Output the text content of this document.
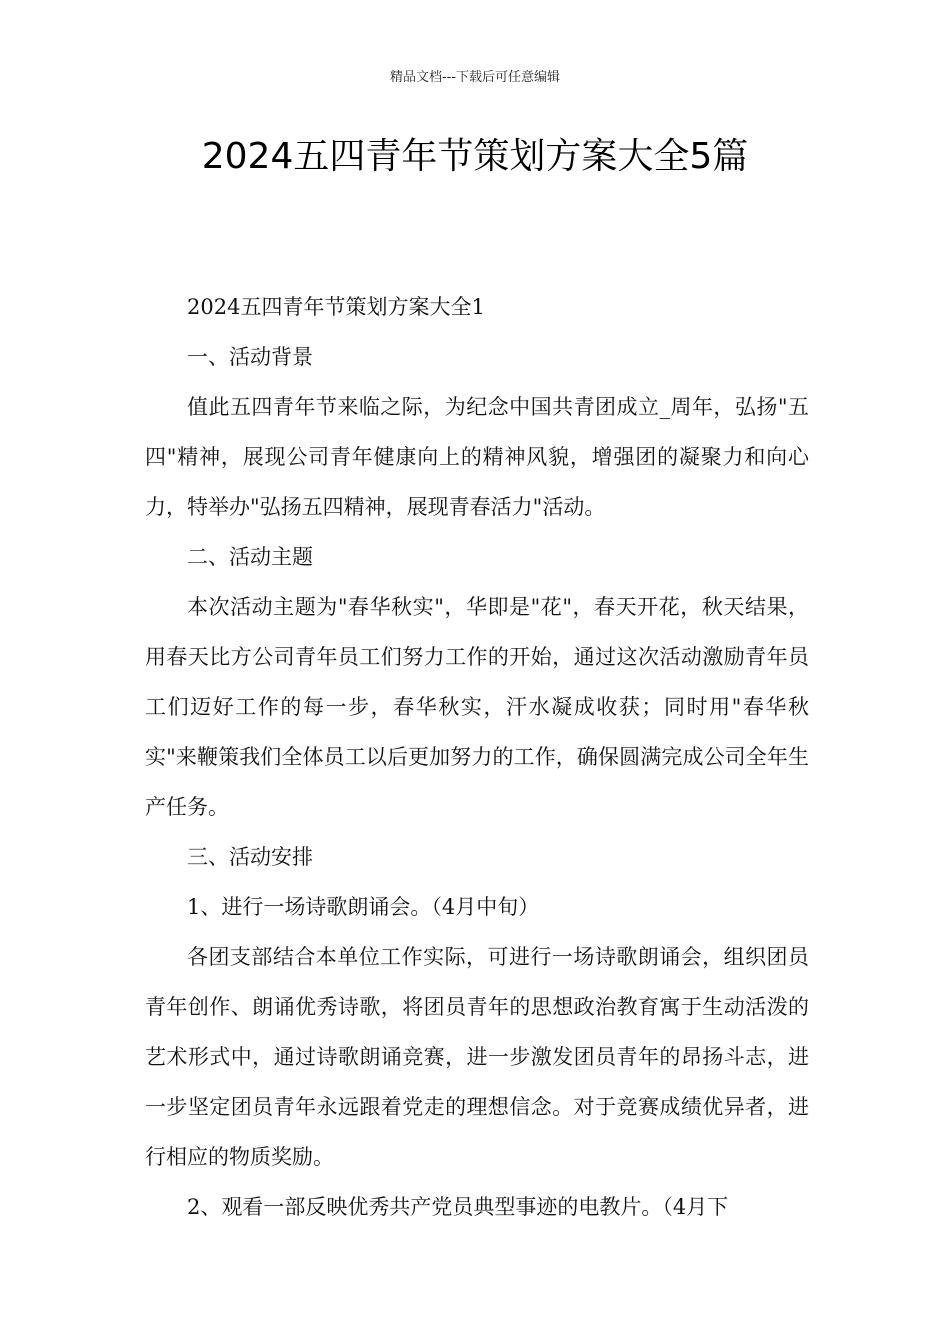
精品文档---下载后可任意编辑
2024五四青年节策划方案大全5篇

2024五四青年节策划方案大全1

一、活动背景

值此五四青年节来临之际，为纪念中国共青团成立_周年，弘扬"五四"精神，展现公司青年健康向上的精神风貌，增强团的凝聚力和向心力，特举办"弘扬五四精神，展现青春活力"活动。

二、活动主题

本次活动主题为"春华秋实"，华即是"花"，春天开花，秋天结果，用春天比方公司青年员工们努力工作的开始，通过这次活动激励青年员工们迈好工作的每一步，春华秋实，汗水凝成收获；同时用"春华秋实"来鞭策我们全体员工以后更加努力的工作，确保圆满完成公司全年生产任务。

三、活动安排

1、进行一场诗歌朗诵会。（4月中旬）

各团支部结合本单位工作实际，可进行一场诗歌朗诵会，组织团员青年创作、朗诵优秀诗歌，将团员青年的思想政治教育寓于生动活泼的艺术形式中，通过诗歌朗诵竞赛，进一步激发团员青年的昂扬斗志，进一步坚定团员青年永远跟着党走的理想信念。对于竞赛成绩优异者，进行相应的物质奖励。

2、观看一部反映优秀共产党员典型事迹的电教片。（4月下
